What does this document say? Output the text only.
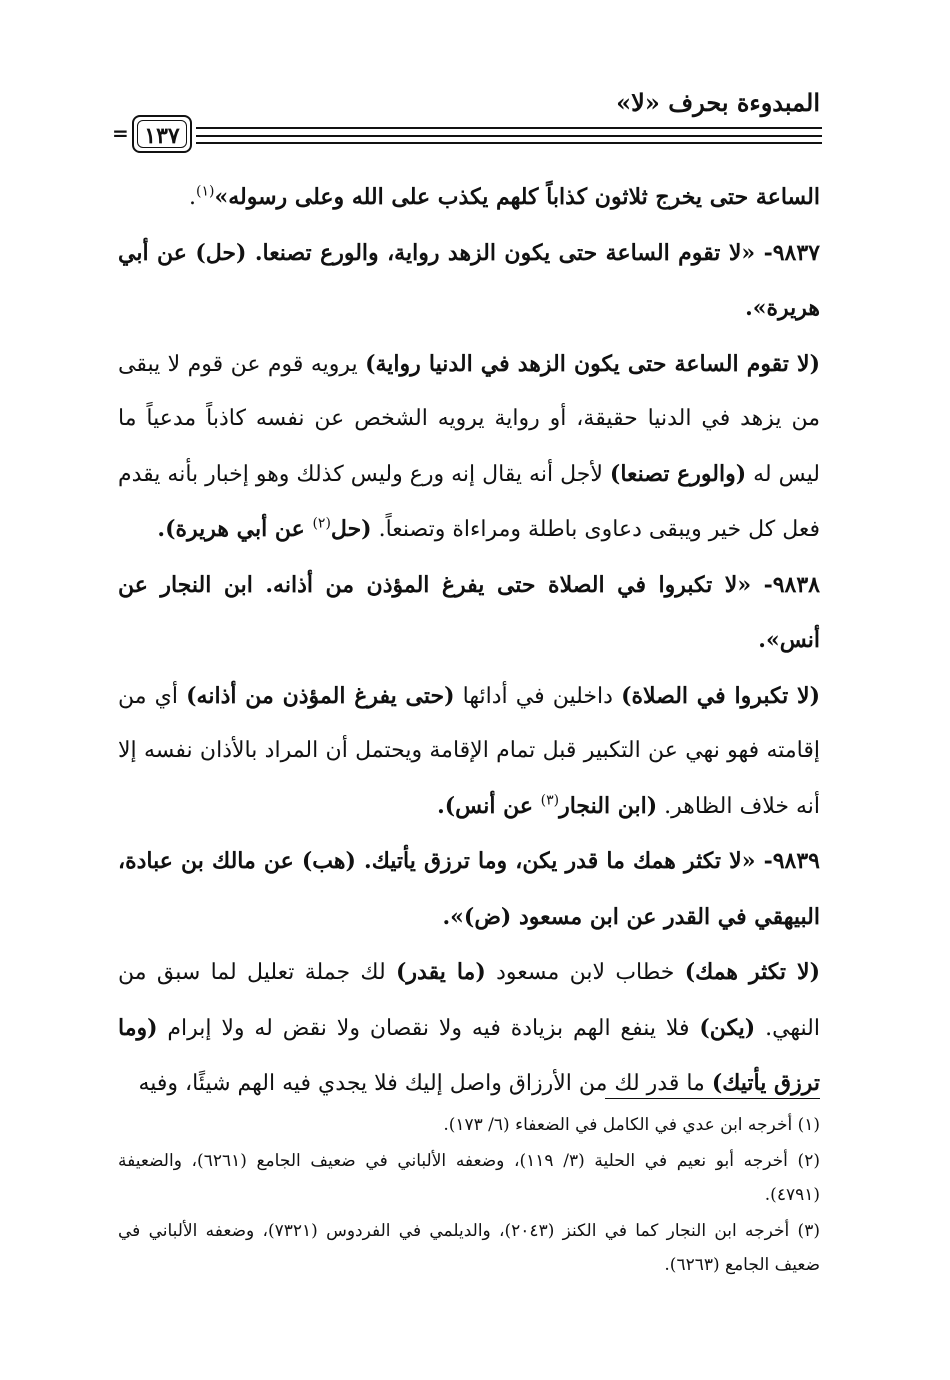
المبدوءة بحرف «لا»
= ١٣٧

الساعة حتى يخرج ثلاثون كذاباً كلهم يكذب على الله وعلى رسوله»$^{(١)}$.

٩٨٣٧- «لا تقوم الساعة حتى يكون الزهد رواية، والورع تصنعا. (حل) عن أبي هريرة».

(لا تقوم الساعة حتى يكون الزهد في الدنيا رواية) يرويه قوم عن قوم لا يبقى من يزهد في الدنيا حقيقة، أو رواية يرويه الشخص عن نفسه كاذباً مدعياً ما ليس له (والورع تصنعا) لأجل أنه يقال إنه ورع وليس كذلك وهو إخبار بأنه يقدم فعل كل خير ويبقى دعاوى باطلة ومراءاة وتصنعاً. (حل$^{(٢)}$ عن أبي هريرة).

٩٨٣٨- «لا تكبروا في الصلاة حتى يفرغ المؤذن من أذانه. ابن النجار عن أنس».

(لا تكبروا في الصلاة) داخلين في أدائها (حتى يفرغ المؤذن من أذانه) أي من إقامته فهو نهي عن التكبير قبل تمام الإقامة ويحتمل أن المراد بالأذان نفسه إلا أنه خلاف الظاهر. (ابن النجار$^{(٣)}$ عن أنس).

٩٨٣٩- «لا تكثر همك ما قدر يكن، وما ترزق يأتيك. (هب) عن مالك بن عبادة، البيهقي في القدر عن ابن مسعود (ض)».

(لا تكثر همك) خطاب لابن مسعود (ما يقدر) لك جملة تعليل لما سبق من النهي. (يكن) فلا ينفع الهم بزيادة فيه ولا نقصان ولا نقض له ولا إبرام (وما ترزق يأتيك) ما قدر لك من الأرزاق واصل إليك فلا يجدي فيه الهم شيئًا، وفيه

(١) أخرجه ابن عدي في الكامل في الضعفاء (٦/ ١٧٣).

(٢) أخرجه أبو نعيم في الحلية (٣/ ١١٩)، وضعفه الألباني في ضعيف الجامع (٦٢٦١)، والضعيفة (٤٧٩١).

(٣) أخرجه ابن النجار كما في الكنز (٢٠٤٣)، والديلمي في الفردوس (٧٣٢١)، وضعفه الألباني في ضعيف الجامع (٦٢٦٣).
